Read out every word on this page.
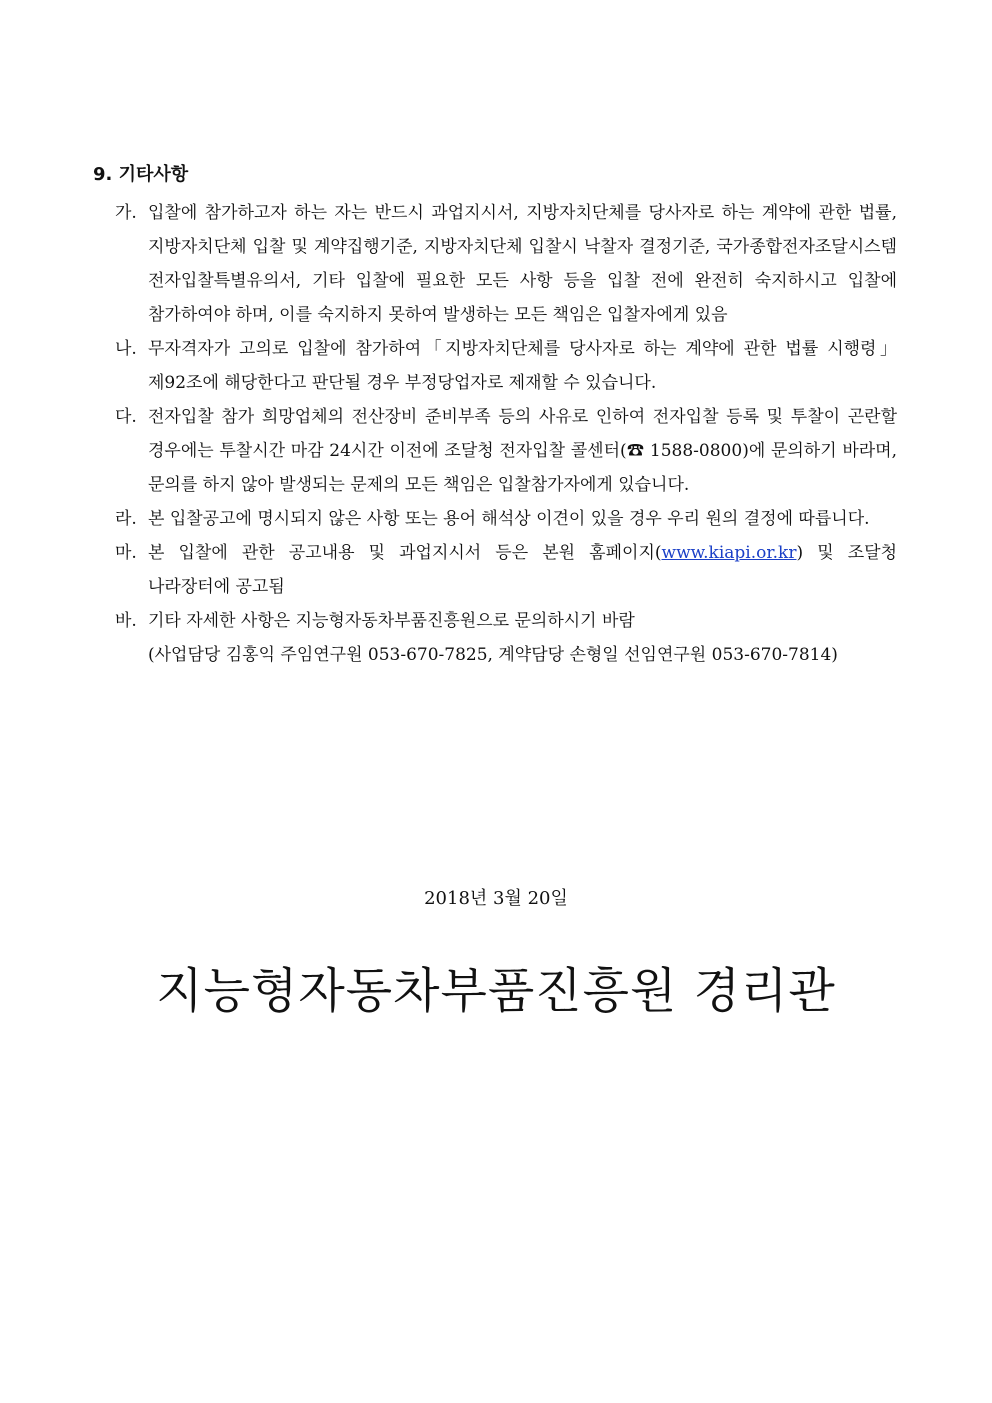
9. 기타사항
가. 입찰에 참가하고자 하는 자는 반드시 과업지시서, 지방자치단체를 당사자로 하는 계약에 관한 법률, 지방자치단체 입찰 및 계약집행기준, 지방자치단체 입찰시 낙찰자 결정기준, 국가종합전자조달시스템 전자입찰특별유의서, 기타 입찰에 필요한 모든 사항 등을 입찰 전에 완전히 숙지하시고 입찰에 참가하여야 하며, 이를 숙지하지 못하여 발생하는 모든 책임은 입찰자에게 있음
나. 무자격자가 고의로 입찰에 참가하여「지방자치단체를 당사자로 하는 계약에 관한 법률 시행령」제92조에 해당한다고 판단될 경우 부정당업자로 제재할 수 있습니다.
다. 전자입찰 참가 희망업체의 전산장비 준비부족 등의 사유로 인하여 전자입찰 등록 및 투찰이 곤란할 경우에는 투찰시간 마감 24시간 이전에 조달청 전자입찰 콜센터(☎ 1588-0800)에 문의하기 바라며, 문의를 하지 않아 발생되는 문제의 모든 책임은 입찰참가자에게 있습니다.
라. 본 입찰공고에 명시되지 않은 사항 또는 용어 해석상 이견이 있을 경우 우리 원의 결정에 따릅니다.
마. 본 입찰에 관한 공고내용 및 과업지시서 등은 본원 홈페이지(www.kiapi.or.kr) 및 조달청 나라장터에 공고됨
바. 기타 자세한 사항은 지능형자동차부품진흥원으로 문의하시기 바람
(사업담당 김홍익 주임연구원 053-670-7825, 계약담당 손형일 선임연구원 053-670-7814)

2018년 3월 20일

지능형자동차부품진흥원 경리관
